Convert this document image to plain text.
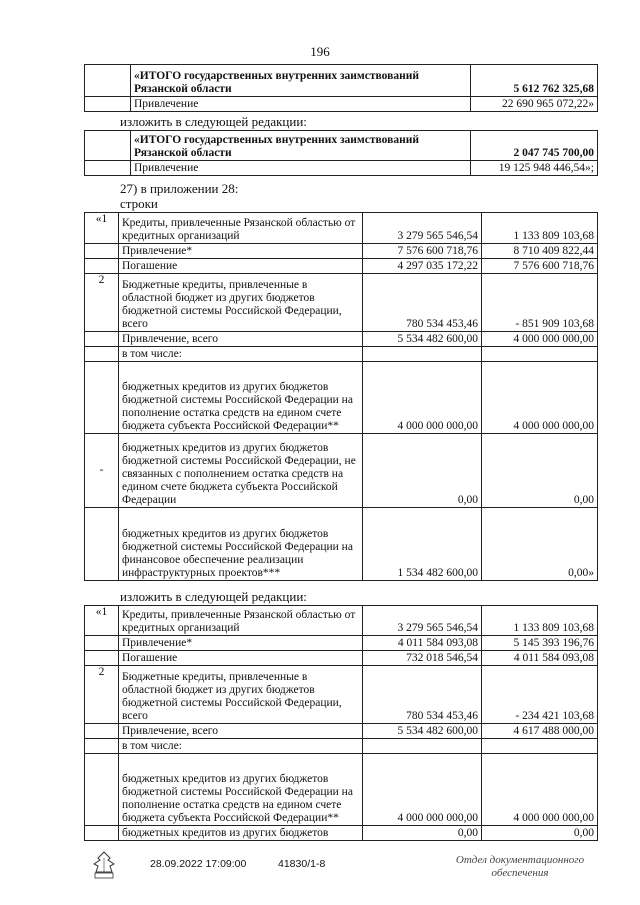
196
	«ИТОГО государственных внутренних заимствований Рязанской области	5 612 762 325,68
	Привлечение	22 690 965 072,22»
изложить в следующей редакции:
	«ИТОГО государственных внутренних заимствований Рязанской области	2 047 745 700,00
	Привлечение	19 125 948 446,54»;
27) в приложении 28:
строки
«1	Кредиты, привлеченные Рязанской областью от кредитных организаций	3 279 565 546,54	1 133 809 103,68
	Привлечение*	7 576 600 718,76	8 710 409 822,44
	Погашение	4 297 035 172,22	7 576 600 718,76
2	Бюджетные кредиты, привлеченные в областной бюджет из других бюджетов бюджетной системы Российской Федерации, всего	780 534 453,46	- 851 909 103,68
	Привлечение, всего	5 534 482 600,00	4 000 000 000,00
	в том числе:		
	бюджетных кредитов из других бюджетов бюджетной системы Российской Федерации на пополнение остатка средств на едином счете бюджета субъекта Российской Федерации**	4 000 000 000,00	4 000 000 000,00
-	бюджетных кредитов из других бюджетов бюджетной системы Российской Федерации, не связанных с пополнением остатка средств на едином счете бюджета субъекта Российской Федерации	0,00	0,00
	бюджетных кредитов из других бюджетов бюджетной системы Российской Федерации на финансовое обеспечение реализации инфраструктурных проектов***	1 534 482 600,00	0,00»
изложить в следующей редакции:
«1	Кредиты, привлеченные Рязанской областью от кредитных организаций	3 279 565 546,54	1 133 809 103,68
	Привлечение*	4 011 584 093,08	5 145 393 196,76
	Погашение	732 018 546,54	4 011 584 093,08
2	Бюджетные кредиты, привлеченные в областной бюджет из других бюджетов бюджетной системы Российской Федерации, всего	780 534 453,46	- 234 421 103,68
	Привлечение, всего	5 534 482 600,00	4 617 488 000,00
	в том числе:		
	бюджетных кредитов из других бюджетов бюджетной системы Российской Федерации на пополнение остатка средств на едином счете бюджета субъекта Российской Федерации**	4 000 000 000,00	4 000 000 000,00
	бюджетных кредитов из других бюджетов	0,00	0,00
28.09.2022 17:09:00	41830/1-8	Отдел документационного обеспечения
